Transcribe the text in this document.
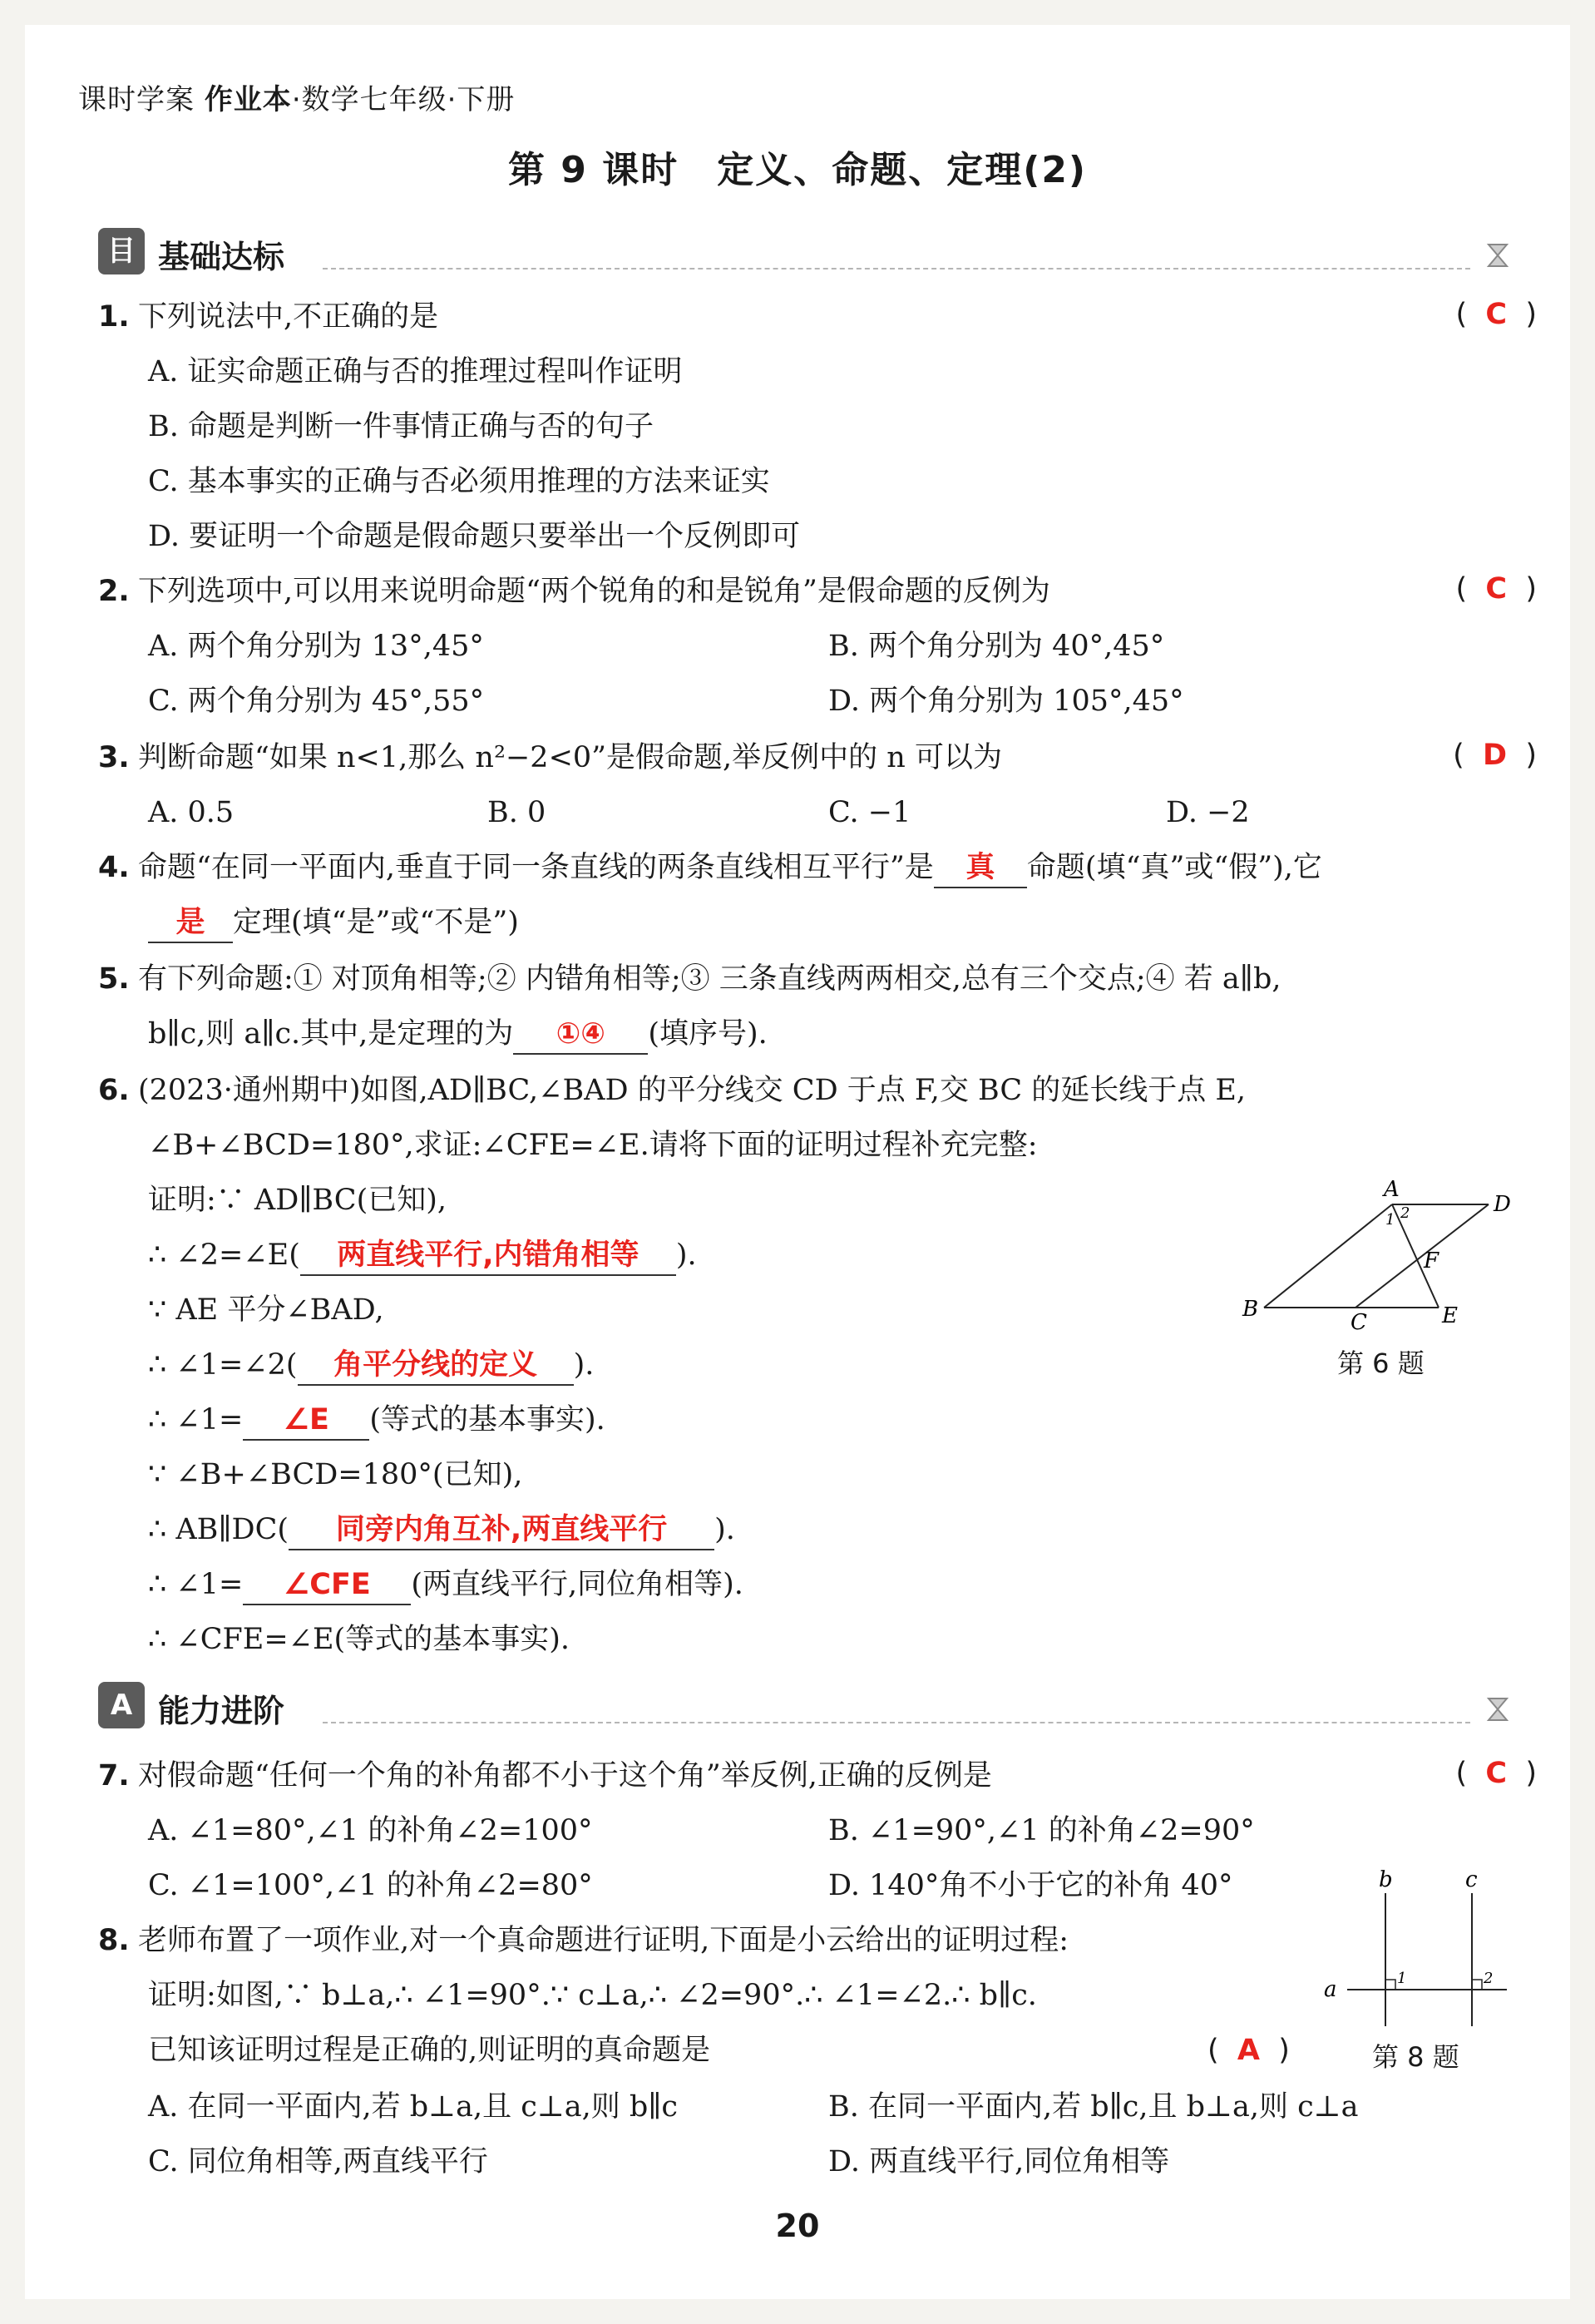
课时学案 作业本·数学七年级·下册
第 9 课时　定义、命题、定理(2)
目 基础达标
1. 下列说法中,不正确的是	(  C  )
A. 证实命题正确与否的推理过程叫作证明
B. 命题是判断一件事情正确与否的句子
C. 基本事实的正确与否必须用推理的方法来证实
D. 要证明一个命题是假命题只要举出一个反例即可
2. 下列选项中,可以用来说明命题“两个锐角的和是锐角”是假命题的反例为	(  C  )
A. 两个角分别为 13°,45°	B. 两个角分别为 40°,45°
C. 两个角分别为 45°,55°	D. 两个角分别为 105°,45°
3. 判断命题“如果 n<1,那么 n²−2<0”是假命题,举反例中的 n 可以为	(  D  )
A. 0.5	B. 0	C. −1	D. −2
4. 命题“在同一平面内,垂直于同一条直线的两条直线相互平行”是 真 命题(填“真”或“假”),它
是 定理(填“是”或“不是”)
5. 有下列命题:① 对顶角相等;② 内错角相等;③ 三条直线两两相交,总有三个交点;④ 若 a∥b,
b∥c,则 a∥c.其中,是定理的为 ①④ (填序号).
6. (2023·通州期中)如图,AD∥BC,∠BAD 的平分线交 CD 于点 F,交 BC 的延长线于点 E,
∠B+∠BCD=180°,求证:∠CFE=∠E.请将下面的证明过程补充完整:
证明:∵ AD∥BC(已知),
∴ ∠2=∠E( 两直线平行,内错角相等 ).
∵ AE 平分∠BAD,
∴ ∠1=∠2( 角平分线的定义 ).
∴ ∠1= ∠E (等式的基本事实).
∵ ∠B+∠BCD=180°(已知),
∴ AB∥DC( 同旁内角互补,两直线平行 ).
∴ ∠1= ∠CFE (两直线平行,同位角相等).
∴ ∠CFE=∠E(等式的基本事实).
A
D
B
C	E
F
1 2
第 6 题
A 能力进阶
7. 对假命题“任何一个角的补角都不小于这个角”举反例,正确的反例是	(  C  )
A. ∠1=80°,∠1 的补角∠2=100°	B. ∠1=90°,∠1 的补角∠2=90°
C. ∠1=100°,∠1 的补角∠2=80°	D. 140°角不小于它的补角 40°
8. 老师布置了一项作业,对一个真命题进行证明,下面是小云给出的证明过程:
证明:如图,∵ b⊥a,∴ ∠1=90°.∵ c⊥a,∴ ∠2=90°.∴ ∠1=∠2.∴ b∥c.
已知该证明过程是正确的,则证明的真命题是	(  A  )
A. 在同一平面内,若 b⊥a,且 c⊥a,则 b∥c	B. 在同一平面内,若 b∥c,且 b⊥a,则 c⊥a
C. 同位角相等,两直线平行	D. 两直线平行,同位角相等
a
b	c
1	2
第 8 题
20
